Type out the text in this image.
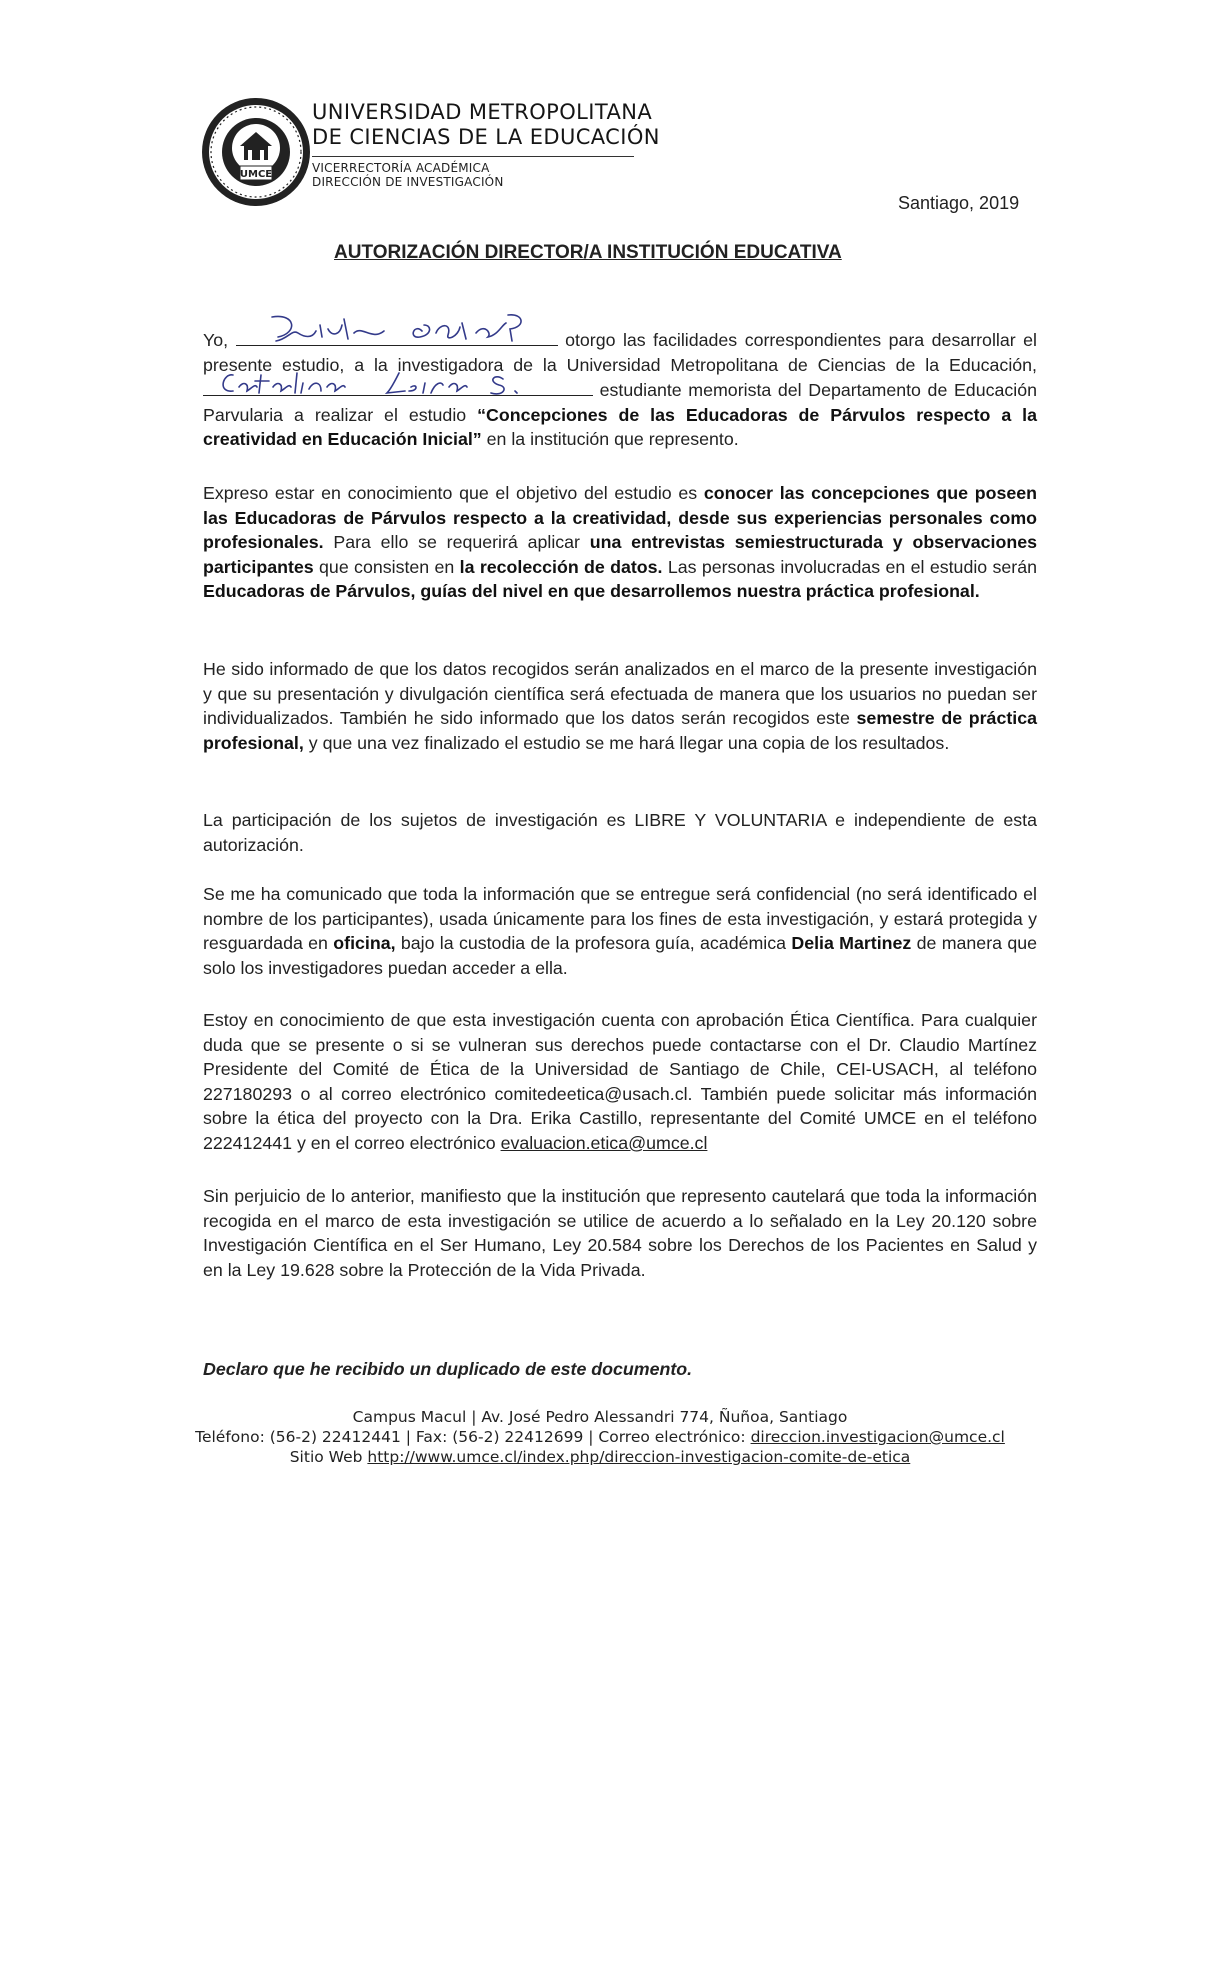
UMCE
UNIVERSIDAD METROPOLITANA
DE CIENCIAS DE LA EDUCACIÓN
VICERRECTORÍA ACADÉMICA
DIRECCIÓN DE INVESTIGACIÓN
Santiago, 2019
AUTORIZACIÓN DIRECTOR/A INSTITUCIÓN EDUCATIVA

Yo,	otorgo las facilidades correspondientes para desarrollar el presente estudio, a la investigadora de la Universidad Metropolitana de Ciencias de la Educación,
estudiante memorista del Departamento de Educación Parvularia a realizar el estudio “Concepciones de las Educadoras de Párvulos respecto a la creatividad en Educación Inicial” en la institución que represento.

Expreso estar en conocimiento que el objetivo del estudio es conocer las concepciones que poseen las Educadoras de Párvulos respecto a la creatividad, desde sus experiencias personales como profesionales. Para ello se requerirá aplicar una entrevistas semiestructurada y observaciones participantes que consisten en la recolección de datos. Las personas involucradas en el estudio serán Educadoras de Párvulos, guías del nivel en que desarrollemos nuestra práctica profesional.

He sido informado de que los datos recogidos serán analizados en el marco de la presente investigación y que su presentación y divulgación científica será efectuada de manera que los usuarios no puedan ser individualizados. También he sido informado que los datos serán recogidos este semestre de práctica profesional, y que una vez finalizado el estudio se me hará llegar una copia de los resultados.

La participación de los sujetos de investigación es LIBRE Y VOLUNTARIA e independiente de esta autorización.

Se me ha comunicado que toda la información que se entregue será confidencial (no será identificado el nombre de los participantes), usada únicamente para los fines de esta investigación, y estará protegida y resguardada en oficina, bajo la custodia de la profesora guía, académica Delia Martinez de manera que solo los investigadores puedan acceder a ella.

Estoy en conocimiento de que esta investigación cuenta con aprobación Ética Científica. Para cualquier duda que se presente o si se vulneran sus derechos puede contactarse con el Dr. Claudio Martínez Presidente del Comité de Ética de la Universidad de Santiago de Chile, CEI-USACH, al teléfono 227180293 o al correo electrónico comitedeetica@usach.cl. También puede solicitar más información sobre la ética del proyecto con la Dra. Erika Castillo, representante del Comité UMCE en el teléfono 222412441 y en el correo electrónico evaluacion.etica@umce.cl

Sin perjuicio de lo anterior, manifiesto que la institución que represento cautelará que toda la información recogida en el marco de esta investigación se utilice de acuerdo a lo señalado en la Ley 20.120 sobre Investigación Científica en el Ser Humano, Ley 20.584 sobre los Derechos de los Pacientes en Salud y en la Ley 19.628 sobre la Protección de la Vida Privada.

Declaro que he recibido un duplicado de este documento.
Campus Macul | Av. José Pedro Alessandri 774, Ñuñoa, Santiago
Teléfono: (56-2) 22412441 | Fax: (56-2) 22412699 | Correo electrónico: direccion.investigacion@umce.cl
Sitio Web http://www.umce.cl/index.php/direccion-investigacion-comite-de-etica
